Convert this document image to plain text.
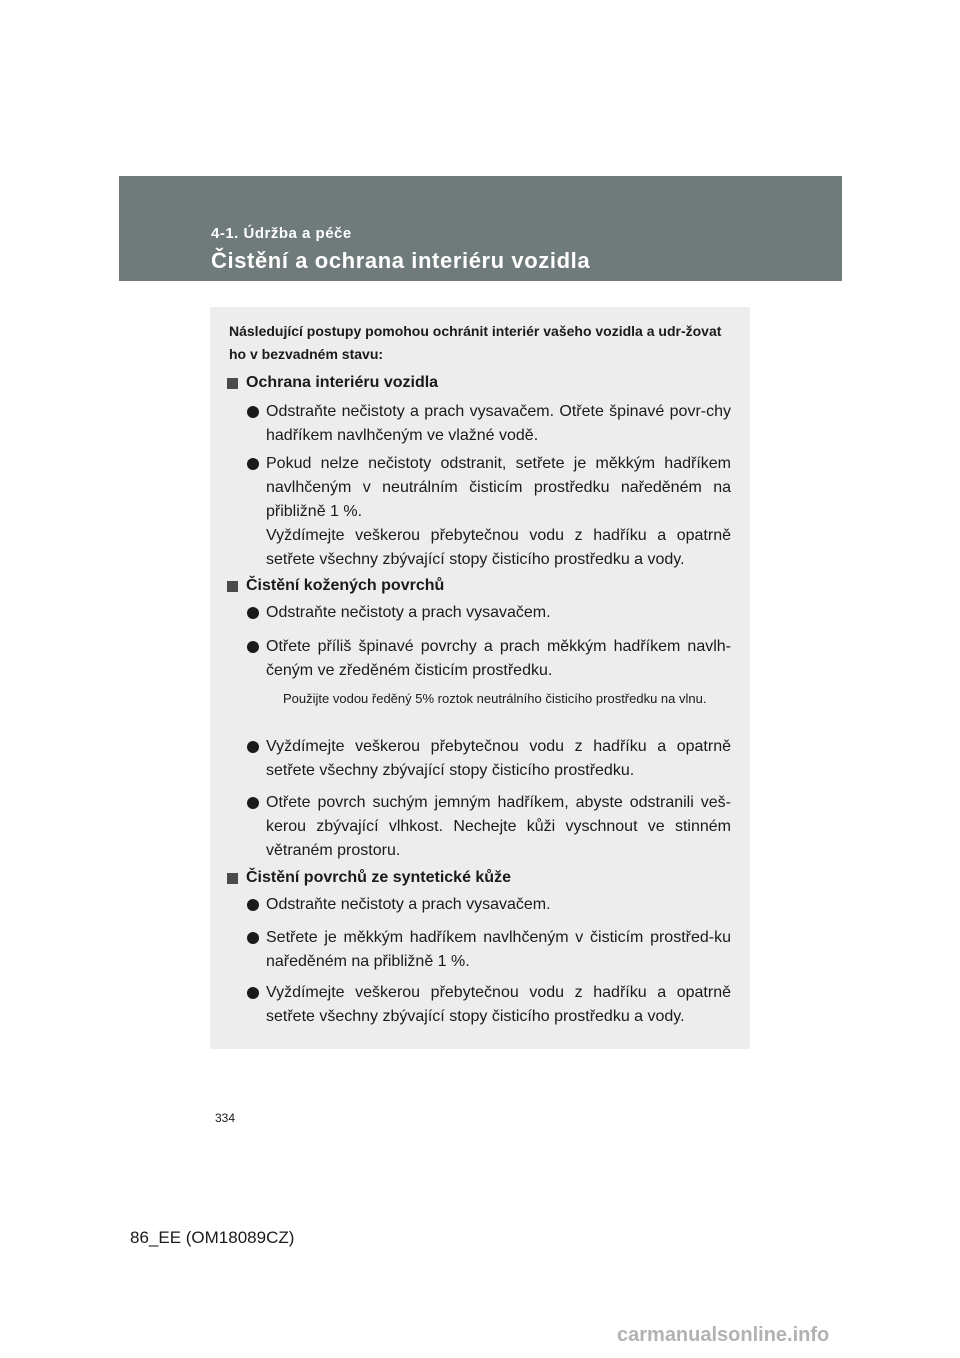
4-1. Údržba a péče
Čistění a ochrana interiéru vozidla
Následující postupy pomohou ochránit interiér vašeho vozidla a udr-žovat ho v bezvadném stavu:
Ochrana interiéru vozidla
Odstraňte nečistoty a prach vysavačem. Otřete špinavé povr-chy hadříkem navlhčeným ve vlažné vodě.

Pokud nelze nečistoty odstranit, setřete je měkkým hadříkem navlhčeným v neutrálním čisticím prostředku naředěném na přibližně 1 %.

Vyždímejte veškerou přebytečnou vodu z hadříku a opatrně setřete všechny zbývající stopy čisticího prostředku a vody.

Čistění kožených povrchů
Odstraňte nečistoty a prach vysavačem.
Otřete příliš špinavé povrchy a prach měkkým hadříkem navlh-čeným ve zředěném čisticím prostředku.
Použijte vodou ředěný 5% roztok neutrálního čisticího prostředku na vlnu.
Vyždímejte veškerou přebytečnou vodu z hadříku a opatrně setřete všechny zbývající stopy čisticího prostředku.
Otřete povrch suchým jemným hadříkem, abyste odstranili veš-kerou zbývající vlhkost. Nechejte kůži vyschnout ve stinném větraném prostoru.
Čistění povrchů ze syntetické kůže
Odstraňte nečistoty a prach vysavačem.
Setřete je měkkým hadříkem navlhčeným v čisticím prostřed-ku naředěném na přibližně 1 %.
Vyždímejte veškerou přebytečnou vodu z hadříku a opatrně setřete všechny zbývající stopy čisticího prostředku a vody.
334
86_EE (OM18089CZ)
carmanualsonline.info
